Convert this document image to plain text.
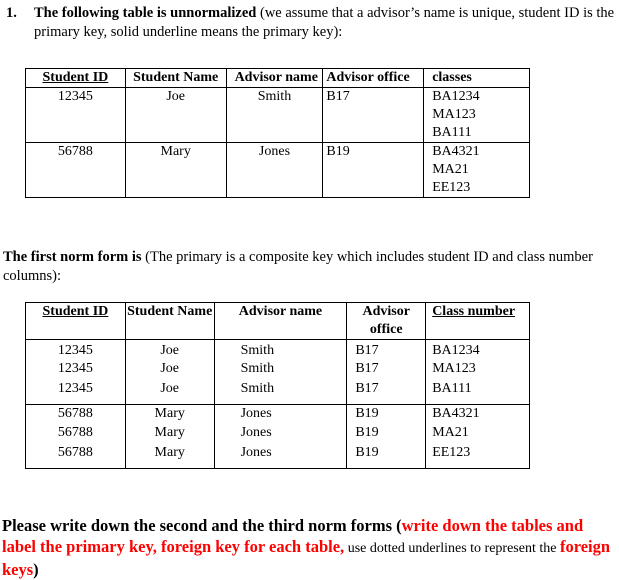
1. The following table is unnormalized (we assume that a advisor’s name is unique, student ID is the primary key, solid underline means the primary key):
Student ID	Student Name	Advisor name	Advisor office	classes
12345	Joe	Smith	B17	BA1234
MA123
BA111

56788	Mary	Jones	B19	BA4321
MA21
EE123
The first norm form is (The primary is a composite key which includes student ID and class number columns):
Student ID	Student Name	Advisor name	Advisor office	Class number
12345	Joe	Smith	B17	BA1234
12345	Joe	Smith	B17	MA123
12345	Joe	Smith	B17	BA111
56788	Mary	Jones	B19	BA4321
56788	Mary	Jones	B19	MA21
56788	Mary	Jones	B19	EE123
Please write down the second and the third norm forms (write down the tables and label the primary key, foreign key for each table, use dotted underlines to represent the foreign keys)
